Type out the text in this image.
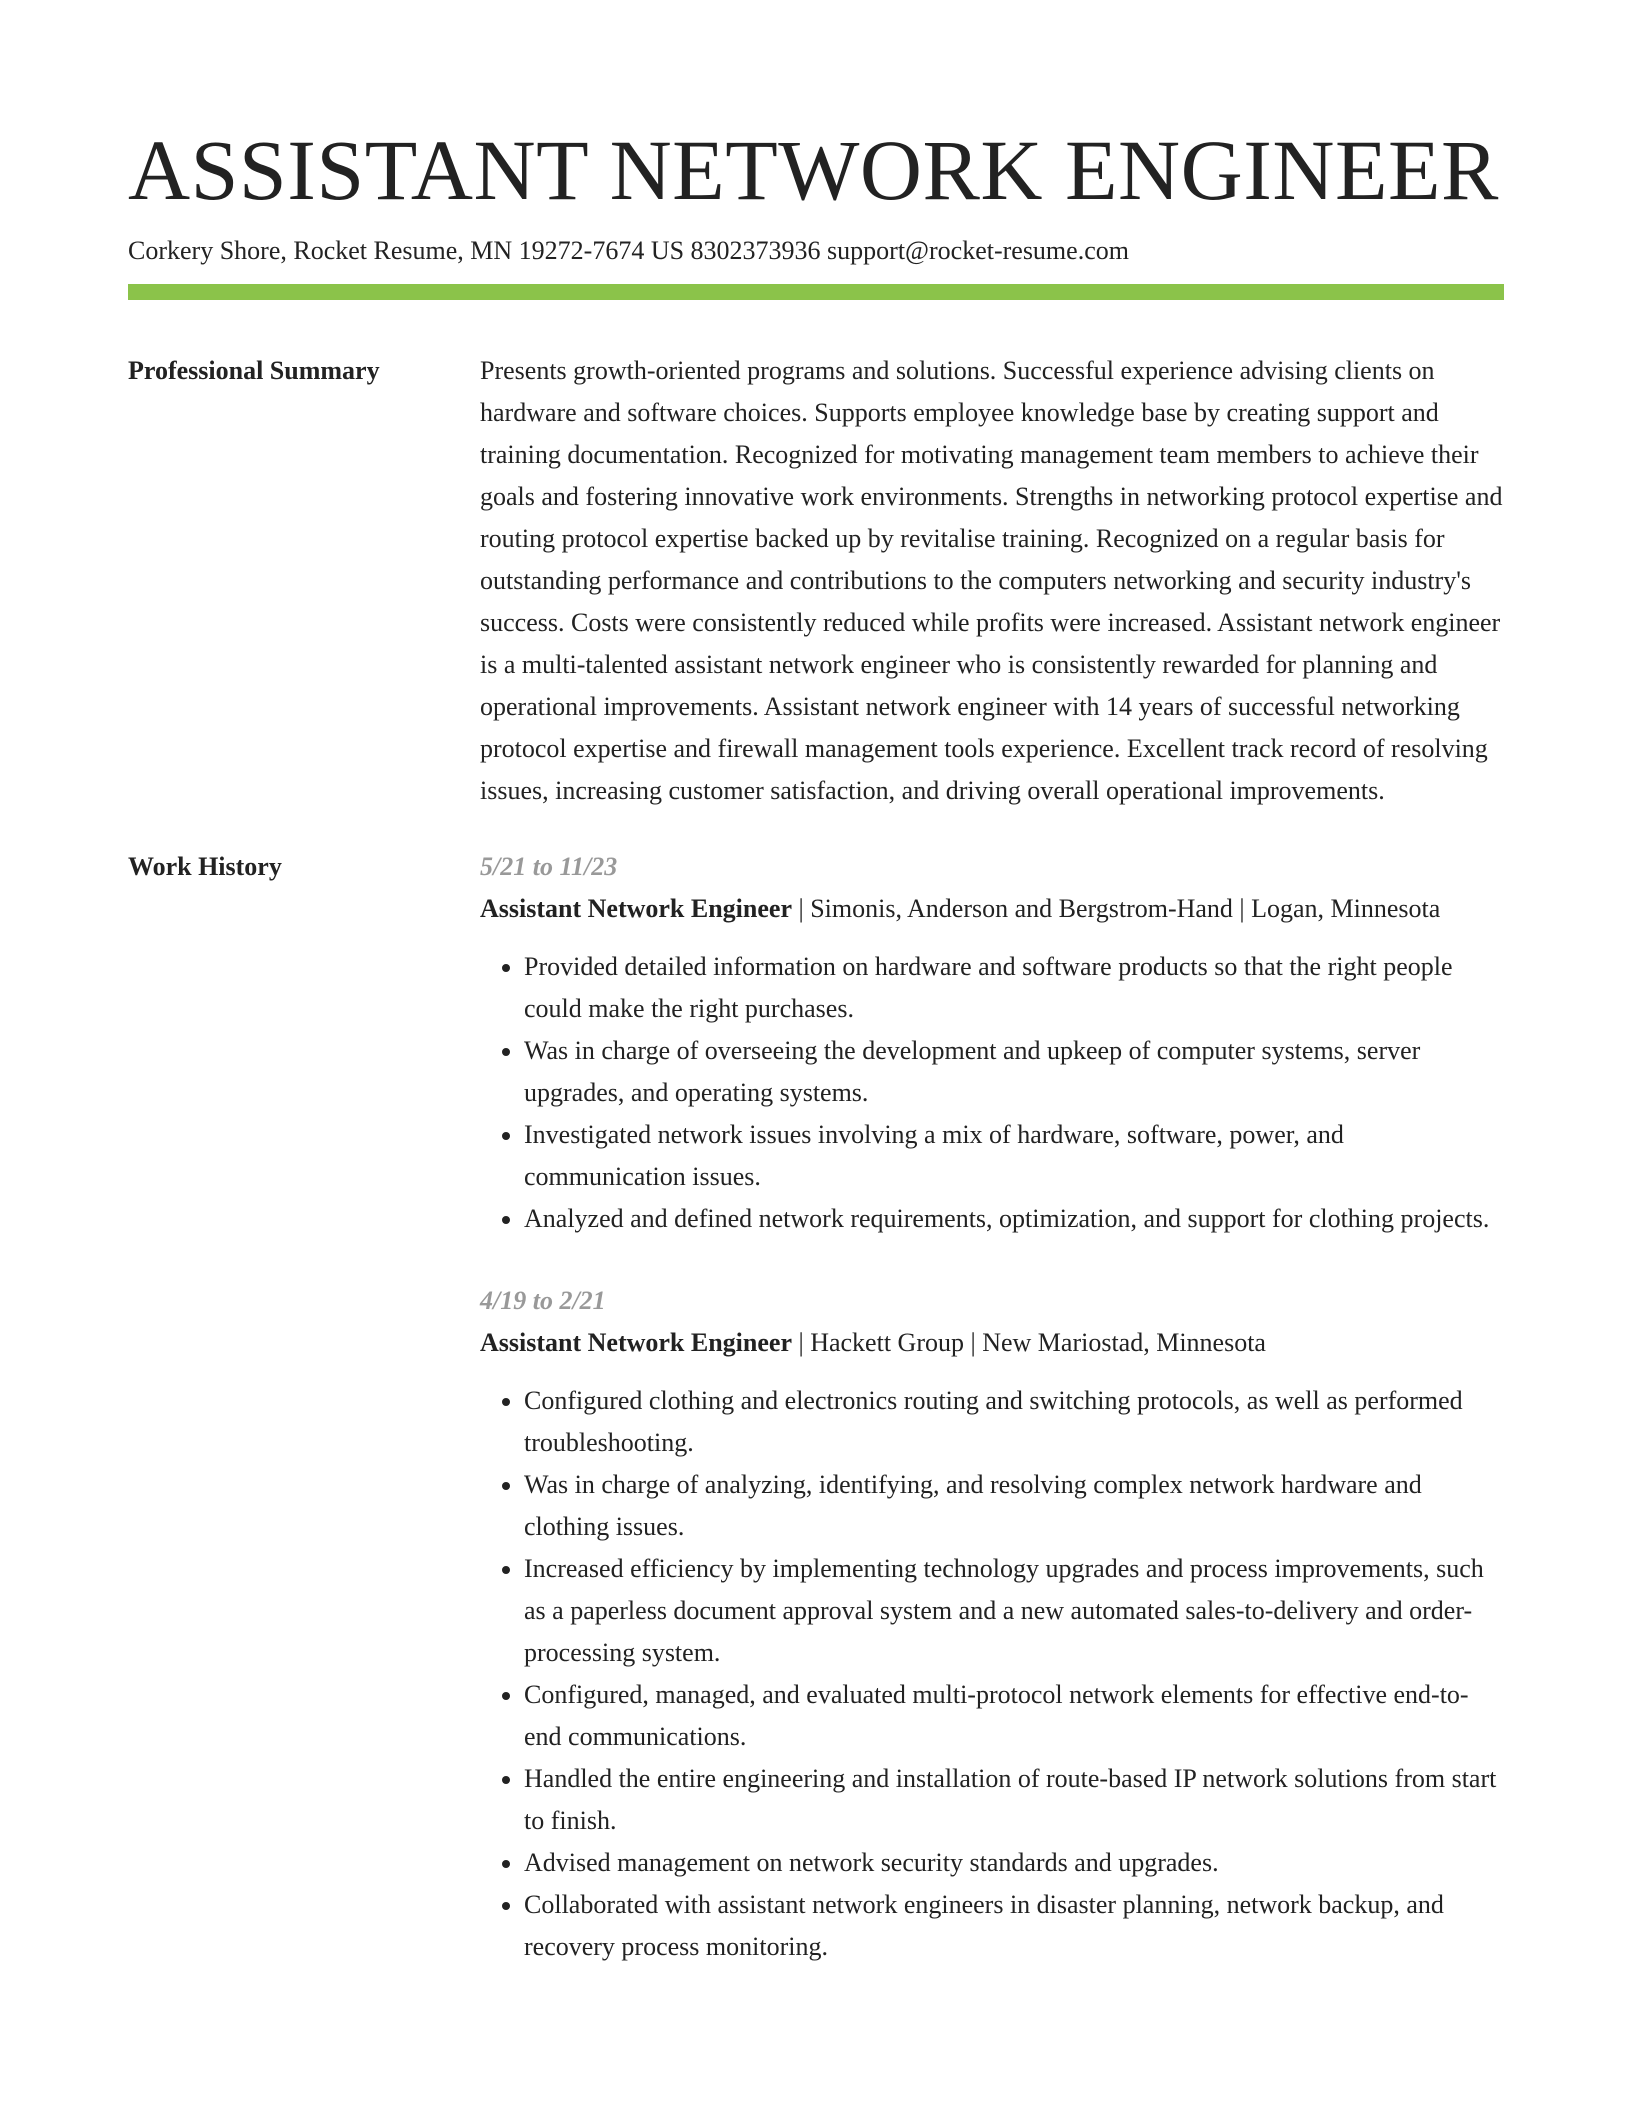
ASSISTANT NETWORK ENGINEER
Corkery Shore, Rocket Resume, MN 19272-7674 US 8302373936 support@rocket-resume.com
Professional Summary	Presents growth-oriented programs and solutions. Successful experience advising clients on hardware and software choices. Supports employee knowledge base by creating support and training documentation. Recognized for motivating management team members to achieve their goals and fostering innovative work environments. Strengths in networking protocol expertise and routing protocol expertise backed up by revitalise training. Recognized on a regular basis for outstanding performance and contributions to the computers networking and security industry's success. Costs were consistently reduced while profits were increased. Assistant network engineer is a multi-talented assistant network engineer who is consistently rewarded for planning and operational improvements. Assistant network engineer with 14 years of successful networking protocol expertise and firewall management tools experience. Excellent track record of resolving issues, increasing customer satisfaction, and driving overall operational improvements.
Work History	5/21 to 11/23
Assistant Network Engineer | Simonis, Anderson and Bergstrom-Hand | Logan, Minnesota
• Provided detailed information on hardware and software products so that the right people could make the right purchases.
• Was in charge of overseeing the development and upkeep of computer systems, server upgrades, and operating systems.
• Investigated network issues involving a mix of hardware, software, power, and communication issues.
• Analyzed and defined network requirements, optimization, and support for clothing projects.
4/19 to 2/21
Assistant Network Engineer | Hackett Group | New Mariostad, Minnesota
• Configured clothing and electronics routing and switching protocols, as well as performed troubleshooting.
• Was in charge of analyzing, identifying, and resolving complex network hardware and clothing issues.
• Increased efficiency by implementing technology upgrades and process improvements, such as a paperless document approval system and a new automated sales-to-delivery and order-processing system.
• Configured, managed, and evaluated multi-protocol network elements for effective end-to-end communications.
• Handled the entire engineering and installation of route-based IP network solutions from start to finish.
• Advised management on network security standards and upgrades.
• Collaborated with assistant network engineers in disaster planning, network backup, and recovery process monitoring.
